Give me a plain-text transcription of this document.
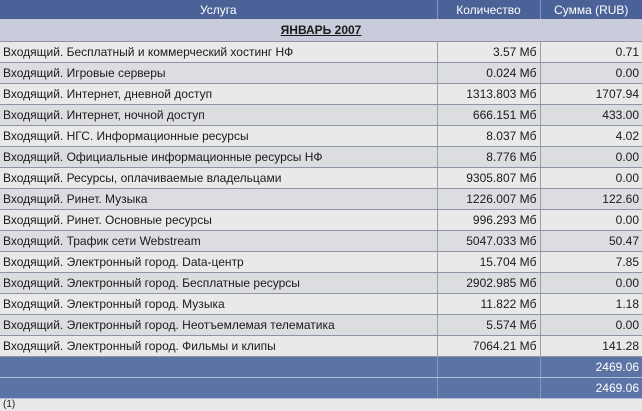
Услуга	Количество	Сумма (RUB)
ЯНВАРЬ 2007		
Входящий. Бесплатный и коммерческий хостинг НФ	3.57 Мб	0.71
Входящий. Игровые серверы	0.024 Мб	0.00
Входящий. Интернет, дневной доступ	1313.803 Мб	1707.94
Входящий. Интернет, ночной доступ	666.151 Мб	433.00
Входящий. НГС. Информационные ресурсы	8.037 Мб	4.02
Входящий. Официальные информационные ресурсы НФ	8.776 Мб	0.00
Входящий. Ресурсы, оплачиваемые владельцами	9305.807 Мб	0.00
Входящий. Ринет. Музыка	1226.007 Мб	122.60
Входящий. Ринет. Основные ресурсы	996.293 Мб	0.00
Входящий. Трафик сети Webstream	5047.033 Мб	50.47
Входящий. Электронный город. Data-центр	15.704 Мб	7.85
Входящий. Электронный город. Бесплатные ресурсы	2902.985 Мб	0.00
Входящий. Электронный город. Музыка	11.822 Мб	1.18
Входящий. Электронный город. Неотъемлемая телематика	5.574 Мб	0.00
Входящий. Электронный город. Фильмы и клипы	7064.21 Мб	141.28
		2469.06
		2469.06
(1)		
